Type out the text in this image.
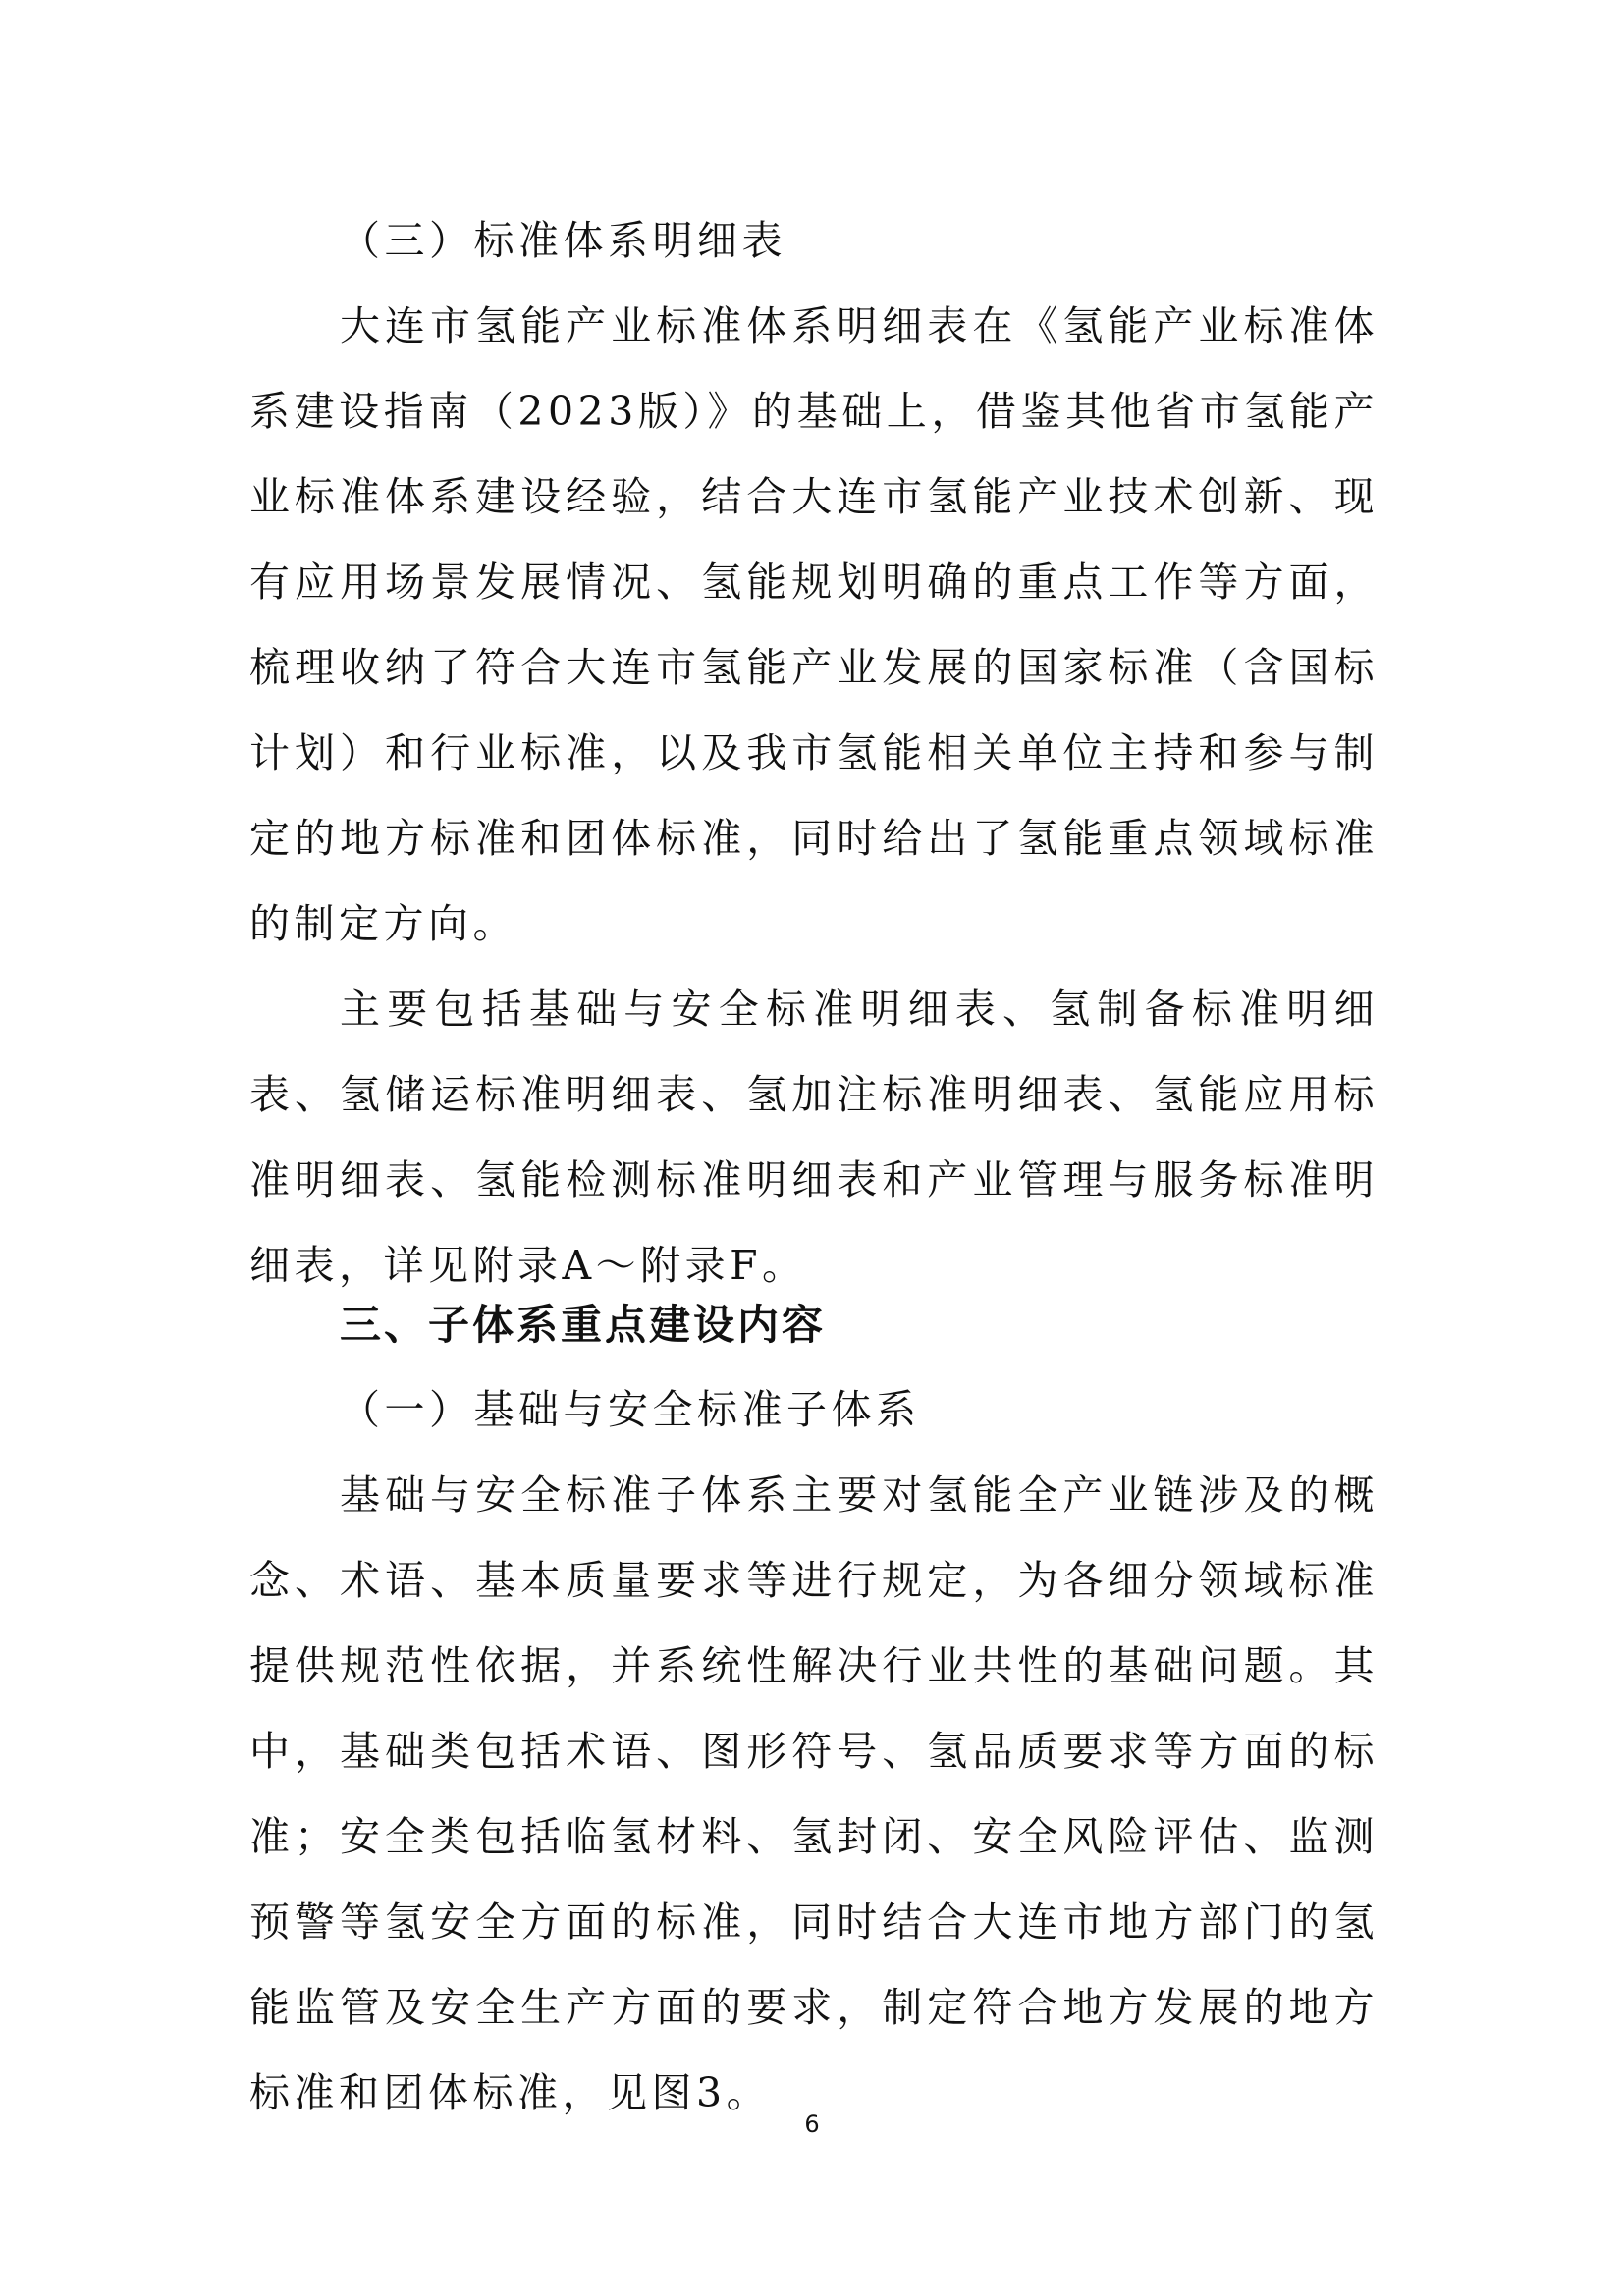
（三）标准体系明细表

大连市氢能产业标准体系明细表在《氢能产业标准体系建设指南（2023版）》的基础上，借鉴其他省市氢能产业标准体系建设经验，结合大连市氢能产业技术创新、现有应用场景发展情况、氢能规划明确的重点工作等方面，梳理收纳了符合大连市氢能产业发展的国家标准（含国标计划）和行业标准，以及我市氢能相关单位主持和参与制定的地方标准和团体标准，同时给出了氢能重点领域标准的制定方向。

主要包括基础与安全标准明细表、氢制备标准明细表、氢储运标准明细表、氢加注标准明细表、氢能应用标准明细表、氢能检测标准明细表和产业管理与服务标准明细表，详见附录A～附录F。

三、子体系重点建设内容

（一）基础与安全标准子体系

基础与安全标准子体系主要对氢能全产业链涉及的概念、术语、基本质量要求等进行规定，为各细分领域标准提供规范性依据，并系统性解决行业共性的基础问题。其中，基础类包括术语、图形符号、氢品质要求等方面的标准；安全类包括临氢材料、氢封闭、安全风险评估、监测预警等氢安全方面的标准，同时结合大连市地方部门的氢能监管及安全生产方面的要求，制定符合地方发展的地方标准和团体标准，见图3。

6
